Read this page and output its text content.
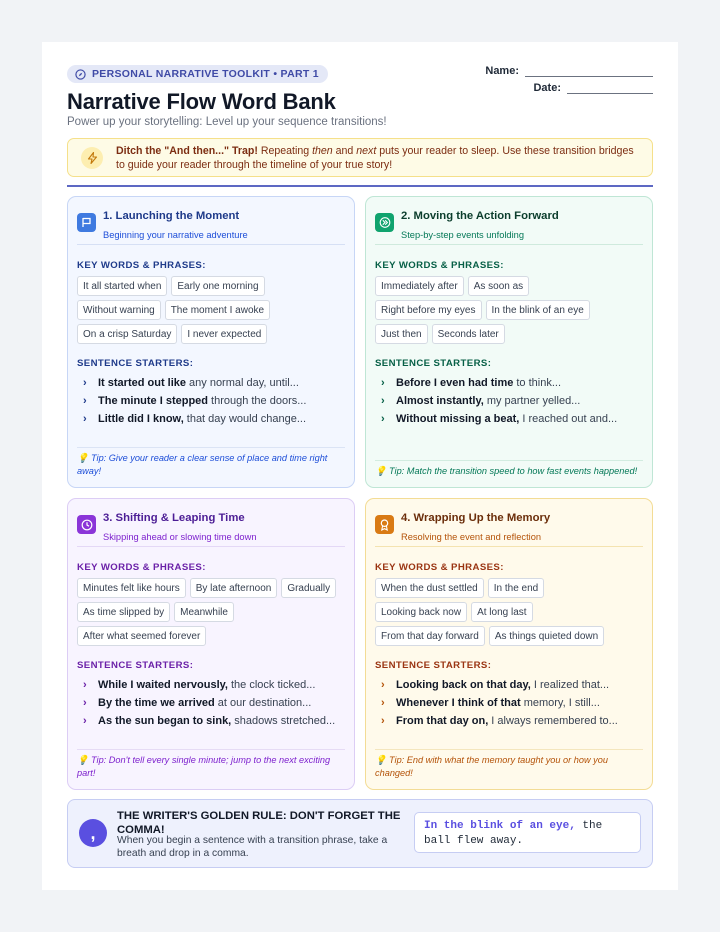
PERSONAL NARRATIVE TOOLKIT • PART 1	Name:
Date:
Narrative Flow Word Bank
Power up your storytelling: Level up your sequence transitions!
Ditch the "And then..." Trap! Repeating then and next puts your reader to sleep. Use these transition bridges to guide your reader through the timeline of your true story!
1. Launching the Moment
Beginning your narrative adventure
KEY WORDS & PHRASES:
It all started when	Early one morning
Without warning	The moment I awoke
On a crisp Saturday	I never expected
SENTENCE STARTERS:
›	It started out like any normal day, until...
›	The minute I stepped through the doors...
›	Little did I know, that day would change...
💡 Tip: Give your reader a clear sense of place and time right away!
2. Moving the Action Forward
Step-by-step events unfolding
KEY WORDS & PHRASES:
Immediately after	As soon as
Right before my eyes	In the blink of an eye
Just then	Seconds later
SENTENCE STARTERS:
›	Before I even had time to think...
›	Almost instantly, my partner yelled...
›	Without missing a beat, I reached out and...
💡 Tip: Match the transition speed to how fast events happened!
3. Shifting & Leaping Time
Skipping ahead or slowing time down
KEY WORDS & PHRASES:
Minutes felt like hours	By late afternoon	Gradually
As time slipped by	Meanwhile
After what seemed forever
SENTENCE STARTERS:
›	While I waited nervously, the clock ticked...
›	By the time we arrived at our destination...
›	As the sun began to sink, shadows stretched...
💡 Tip: Don't tell every single minute; jump to the next exciting part!
4. Wrapping Up the Memory
Resolving the event and reflection
KEY WORDS & PHRASES:
When the dust settled	In the end
Looking back now	At long last
From that day forward	As things quieted down
SENTENCE STARTERS:
›	Looking back on that day, I realized that...
›	Whenever I think of that memory, I still...
›	From that day on, I always remembered to...
💡 Tip: End with what the memory taught you or how you changed!
,
THE WRITER'S GOLDEN RULE: DON'T FORGET THE COMMA!
When you begin a sentence with a transition phrase, take a breath and drop in a comma.
In the blink of an eye, the ball flew away.
